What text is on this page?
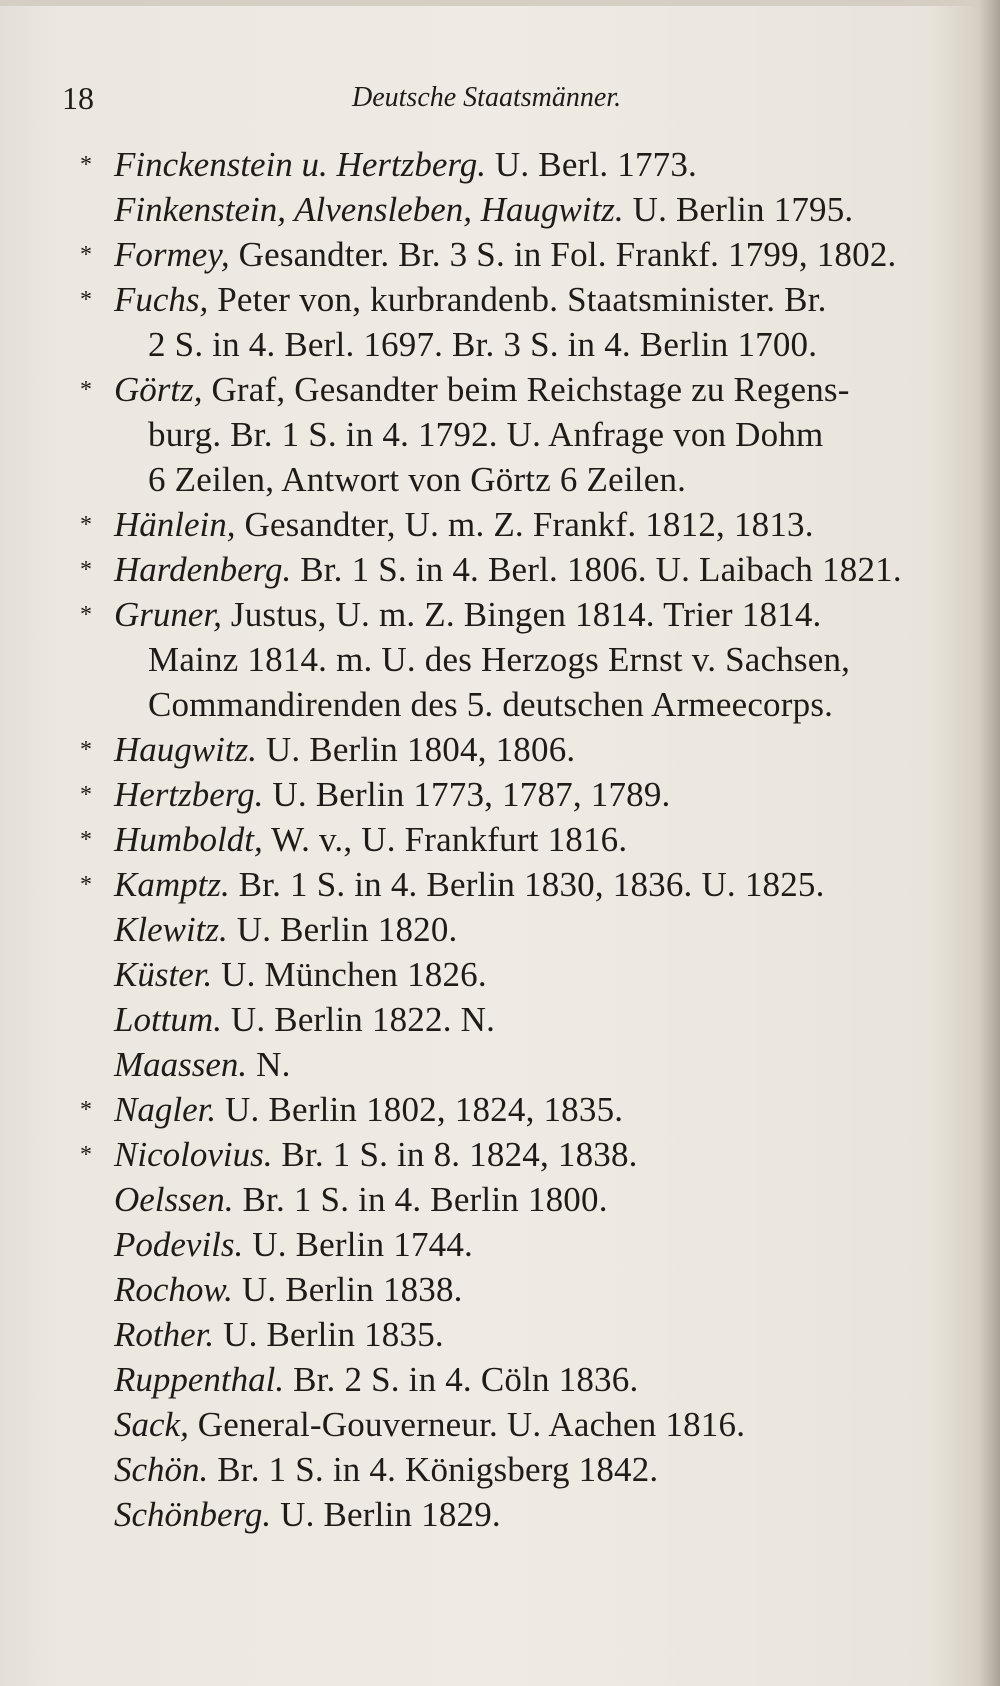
18	Deutsche Staatsmänner.
* Finckenstein u. Hertzberg. U. Berl. 1773.
Finkenstein, Alvensleben, Haugwitz. U. Berlin 1795.
* Formey, Gesandter. Br. 3 S. in Fol. Frankf. 1799, 1802.
* Fuchs, Peter von, kurbrandenb. Staatsminister. Br.
2 S. in 4. Berl. 1697. Br. 3 S. in 4. Berlin 1700.
* Görtz, Graf, Gesandter beim Reichstage zu Regens-
burg. Br. 1 S. in 4. 1792. U. Anfrage von Dohm
6 Zeilen, Antwort von Görtz 6 Zeilen.
* Hänlein, Gesandter, U. m. Z. Frankf. 1812, 1813.
* Hardenberg. Br. 1 S. in 4. Berl. 1806. U. Laibach 1821.
* Gruner, Justus, U. m. Z. Bingen 1814. Trier 1814.
Mainz 1814. m. U. des Herzogs Ernst v. Sachsen,
Commandirenden des 5. deutschen Armeecorps.
* Haugwitz. U. Berlin 1804, 1806.
* Hertzberg. U. Berlin 1773, 1787, 1789.
* Humboldt, W. v., U. Frankfurt 1816.
* Kamptz. Br. 1 S. in 4. Berlin 1830, 1836. U. 1825.
Klewitz. U. Berlin 1820.
Küster. U. München 1826.
Lottum. U. Berlin 1822. N.
Maassen. N.
* Nagler. U. Berlin 1802, 1824, 1835.
* Nicolovius. Br. 1 S. in 8. 1824, 1838.
Oelssen. Br. 1 S. in 4. Berlin 1800.
Podevils. U. Berlin 1744.
Rochow. U. Berlin 1838.
Rother. U. Berlin 1835.
Ruppenthal. Br. 2 S. in 4. Cöln 1836.
Sack, General-Gouverneur. U. Aachen 1816.
Schön. Br. 1 S. in 4. Königsberg 1842.
Schönberg. U. Berlin 1829.
